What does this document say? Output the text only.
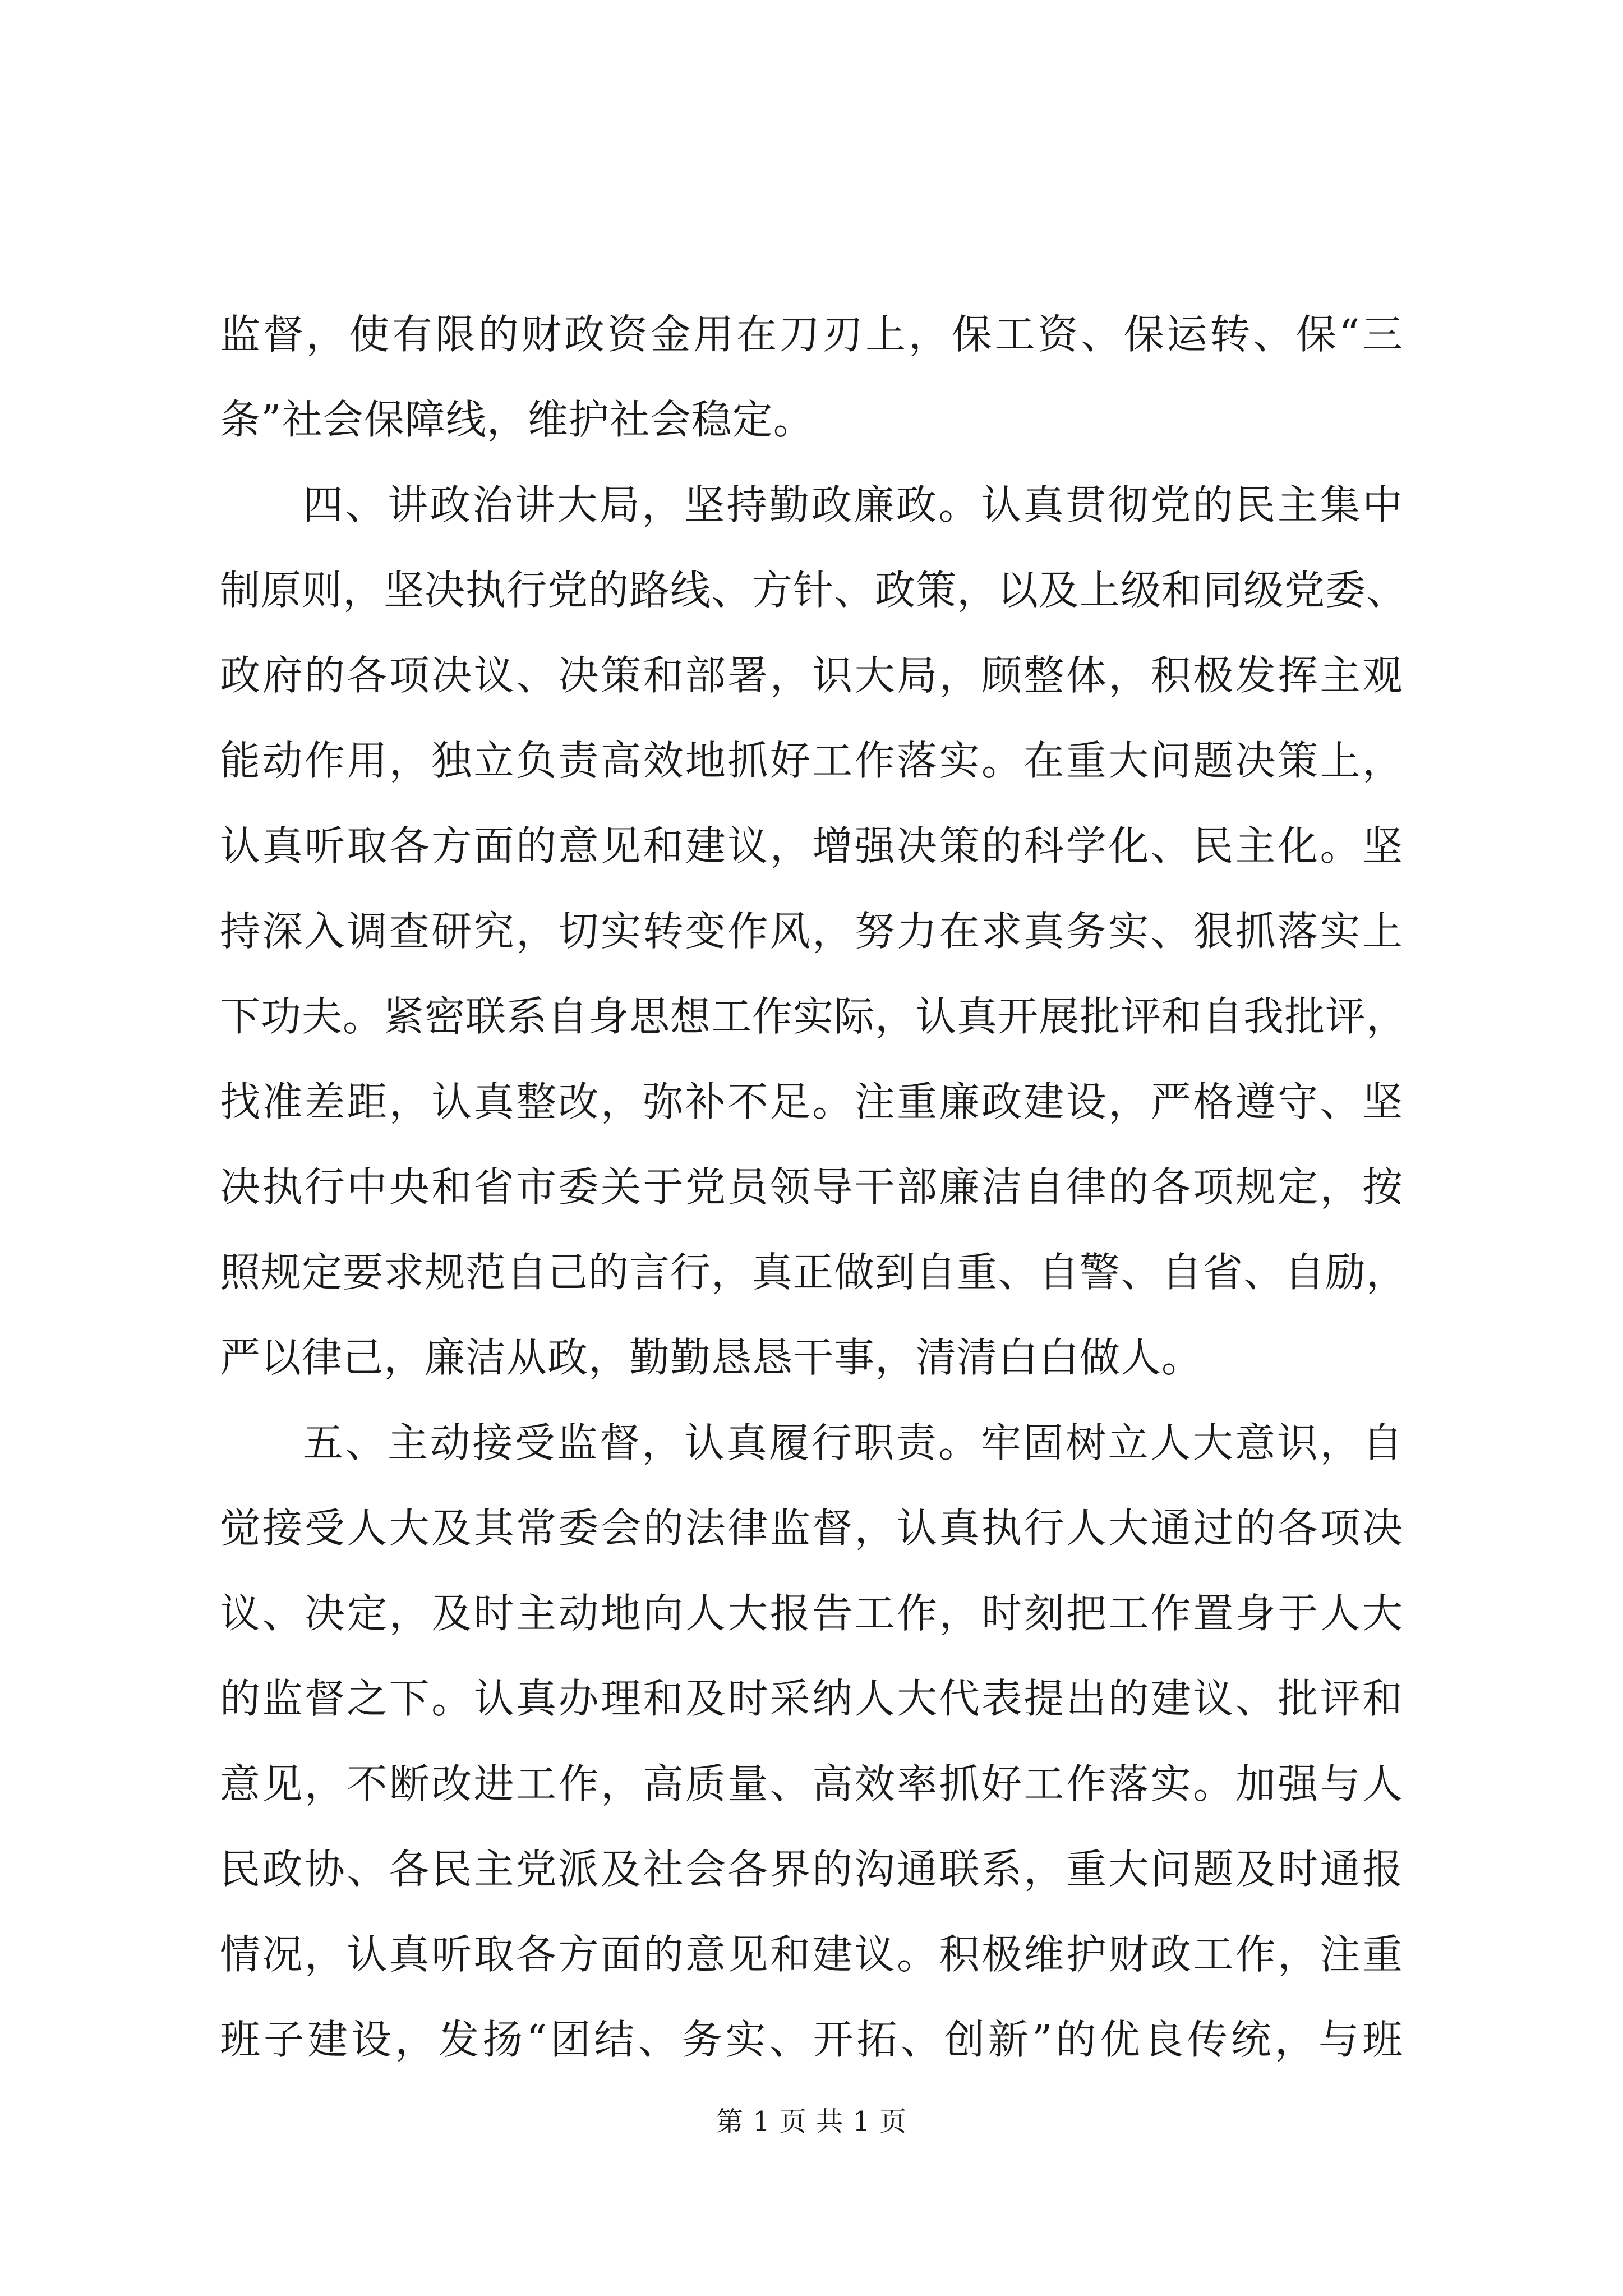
监督，使有限的财政资金用在刀刃上，保工资、保运转、保“三
条”社会保障线，维护社会稳定。
四、讲政治讲大局，坚持勤政廉政。认真贯彻党的民主集中
制原则，坚决执行党的路线、方针、政策，以及上级和同级党委、
政府的各项决议、决策和部署，识大局，顾整体，积极发挥主观
能动作用，独立负责高效地抓好工作落实。在重大问题决策上，
认真听取各方面的意见和建议，增强决策的科学化、民主化。坚
持深入调查研究，切实转变作风，努力在求真务实、狠抓落实上
下功夫。紧密联系自身思想工作实际，认真开展批评和自我批评，
找准差距，认真整改，弥补不足。注重廉政建设，严格遵守、坚
决执行中央和省市委关于党员领导干部廉洁自律的各项规定，按
照规定要求规范自己的言行，真正做到自重、自警、自省、自励，
严以律己，廉洁从政，勤勤恳恳干事，清清白白做人。
五、主动接受监督，认真履行职责。牢固树立人大意识，自
觉接受人大及其常委会的法律监督，认真执行人大通过的各项决
议、决定，及时主动地向人大报告工作，时刻把工作置身于人大
的监督之下。认真办理和及时采纳人大代表提出的建议、批评和
意见，不断改进工作，高质量、高效率抓好工作落实。加强与人
民政协、各民主党派及社会各界的沟通联系，重大问题及时通报
情况，认真听取各方面的意见和建议。积极维护财政工作，注重
班子建设，发扬“团结、务实、开拓、创新”的优良传统，与班
第 1 页 共 1 页
